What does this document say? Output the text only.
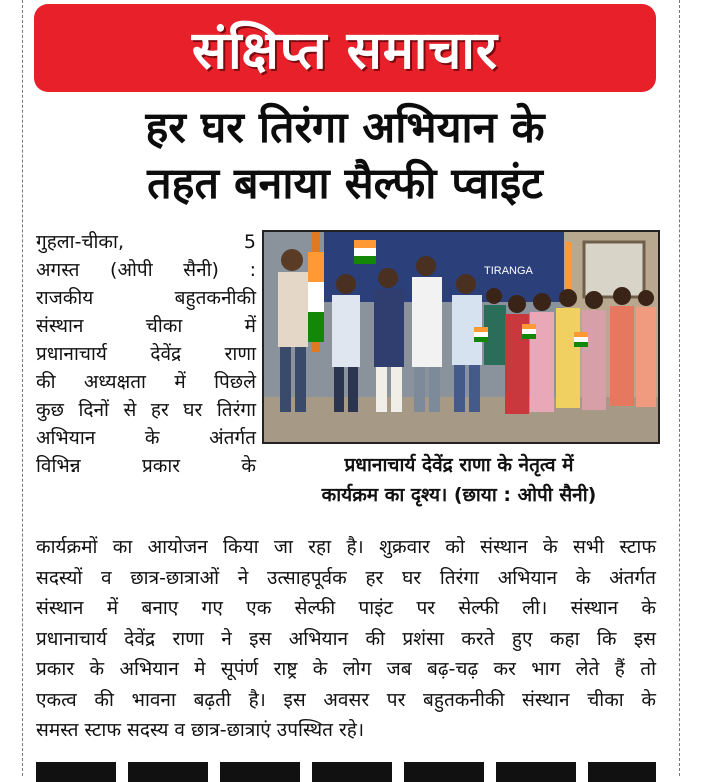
संक्षिप्त समाचार
हर घर तिरंगा अभियान के
तहत बनाया सैल्फी प्वाइंट
गुहला-चीका, 5
अगस्त (ओपी सैनी) :
राजकीय बहुतकनीकी
संस्थान चीका में
प्रधानाचार्य देवेंद्र राणा
की अध्यक्षता में पिछले
कुछ दिनों से हर घर तिरंगा
अभियान के अंतर्गत
विभिन्न प्रकार के
TIRANGA
प्रधानाचार्य देवेंद्र राणा के नेतृत्व में
कार्यक्रम का दृश्य। (छाया : ओपी सैनी)
कार्यक्रमों का आयोजन किया जा रहा है। शुक्रवार को संस्थान के सभी स्टाफ
सदस्यों व छात्र-छात्राओं ने उत्साहपूर्वक हर घर तिरंगा अभियान के अंतर्गत
संस्थान में बनाए गए एक सेल्फी पाइंट पर सेल्फी ली। संस्थान के
प्रधानाचार्य देवेंद्र राणा ने इस अभियान की प्रशंसा करते हुए कहा कि इस
प्रकार के अभियान मे सूपंर्ण राष्ट्र के लोग जब बढ़-चढ़ कर भाग लेते हैं तो
एकत्व की भावना बढ़ती है। इस अवसर पर बहुतकनीकी संस्थान चीका के
समस्त स्टाफ सदस्य व छात्र-छात्राएं उपस्थित रहे।
